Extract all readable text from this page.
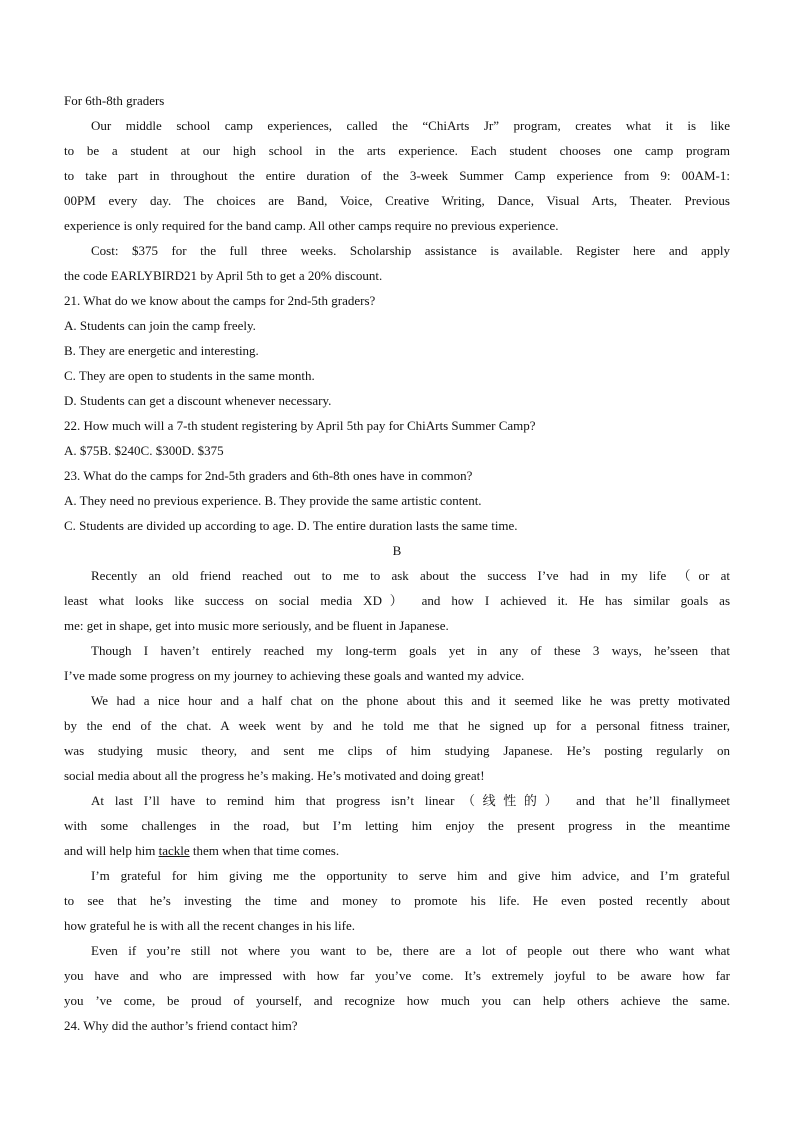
For 6th-8th graders
Our middle school camp experiences, called the “ChiArts Jr” program, creates what it is like
to be a student at our high school in the arts experience. Each student chooses one camp program
to take part in throughout the entire duration of the 3-week Summer Camp experience from 9: 00AM-1:
00PM every day. The choices are Band, Voice, Creative Writing, Dance, Visual Arts, Theater. Previous
experience is only required for the band camp. All other camps require no previous experience.
Cost: $375 for the full three weeks. Scholarship assistance is available. Register here and apply
the code EARLYBIRD21 by April 5th to get a 20% discount.
21. What do we know about the camps for 2nd-5th graders?
A. Students can join the camp freely.
B. They are energetic and interesting.
C. They are open to students in the same month.
D. Students can get a discount whenever necessary.
22. How much will a 7-th student registering by April 5th pay for ChiArts Summer Camp?
A. $75B. $240C. $300D. $375
23. What do the camps for 2nd-5th graders and 6th-8th ones have in common?
A. They need no previous experience. B. They provide the same artistic content.
C. Students are divided up according to age. D. The entire duration lasts the same time.
B
Recently an old friend reached out to me to ask about the success I’ve had in my life （or at
least what looks like success on social media XD） and how I achieved it. He has similar goals as
me: get in shape, get into music more seriously, and be fluent in Japanese.
Though I haven’t entirely reached my long-term goals yet in any of these 3 ways, he’sseen that
I’ve made some progress on my journey to achieving these goals and wanted my advice.
We had a nice hour and a half chat on the phone about this and it seemed like he was pretty motivated
by the end of the chat. A week went by and he told me that he signed up for a personal fitness trainer,
was studying music theory, and sent me clips of him studying Japanese. He’s posting regularly on
social media about all the progress he’s making. He’s motivated and doing great!
At last I’ll have to remind him that progress isn’t linear（线性的） and that he’ll finallymeet
with some challenges in the road, but I’m letting him enjoy the present progress in the meantime
and will help him tackle them when that time comes.
I’m grateful for him giving me the opportunity to serve him and give him advice, and I’m grateful
to see that he’s investing the time and money to promote his life. He even posted recently about
how grateful he is with all the recent changes in his life.
Even if you’re still not where you want to be, there are a lot of people out there who want what
you have and who are impressed with how far you’ve come. It’s extremely joyful to be aware how far
you ’ve come, be proud of yourself, and recognize how much you can help others achieve the same.
24. Why did the author’s friend contact him?
